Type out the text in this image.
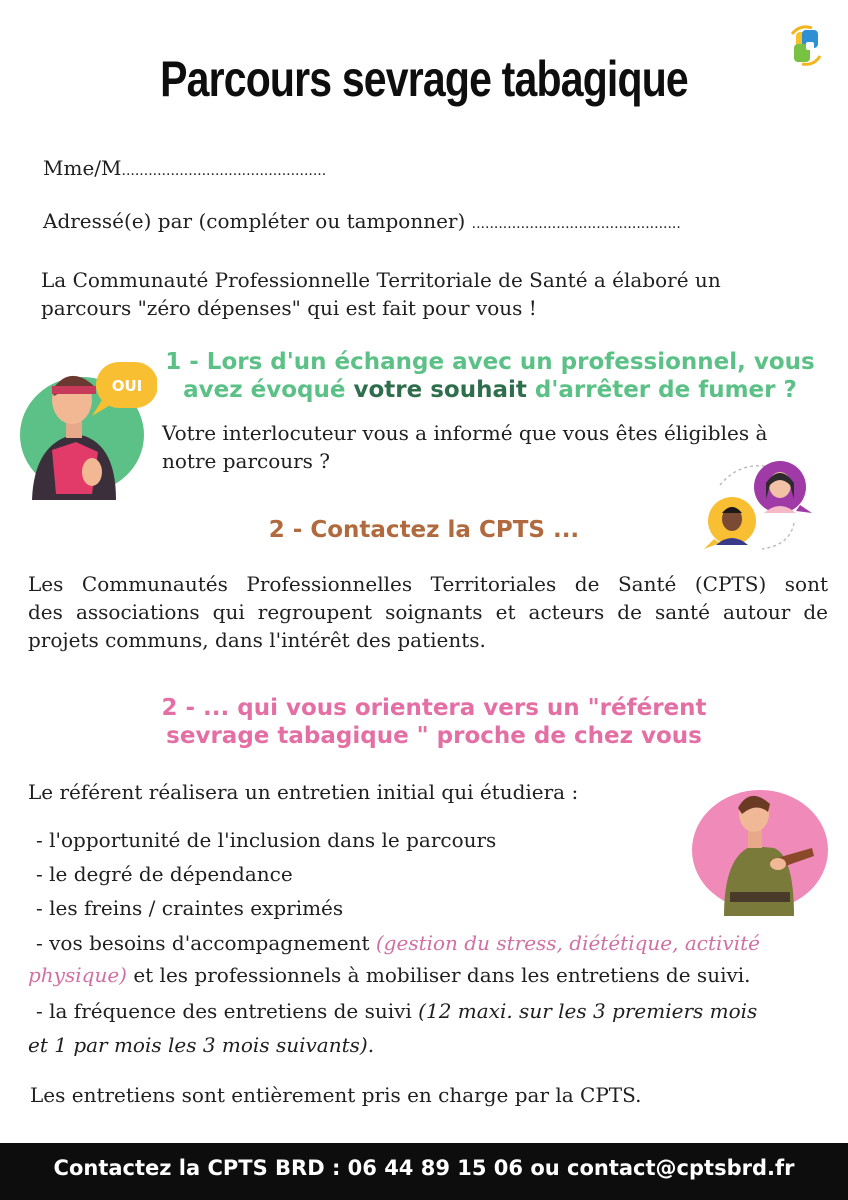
Parcours sevrage tabagique
Mme/M..............................................
Adressé(e) par (compléter ou tamponner) ...............................................
La Communauté Professionnelle Territoriale de Santé a élaboré un
parcours "zéro dépenses" qui est fait pour vous !
OUI
1 - Lors d'un échange avec un professionnel, vous
avez évoqué votre souhait d'arrêter de fumer ?
Votre interlocuteur vous a informé que vous êtes éligibles à
notre parcours ?
2 - Contactez la CPTS ...
Les Communautés Professionnelles Territoriales de Santé (CPTS) sont
des associations qui regroupent soignants et acteurs de santé autour de
projets communs, dans l'intérêt des patients.
2 - ... qui vous orientera vers un "référent
sevrage tabagique " proche de chez vous
Le référent réalisera un entretien initial qui étudiera :
- l'opportunité de l'inclusion dans le parcours
- le degré de dépendance
- les freins / craintes exprimés
- vos besoins d'accompagnement (gestion du stress, diététique, activité
physique) et les professionnels à mobiliser dans les entretiens de suivi.
- la fréquence des entretiens de suivi (12 maxi. sur les 3 premiers mois
et 1 par mois les 3 mois suivants).
Les entretiens sont entièrement pris en charge par la CPTS.
Contactez la CPTS BRD : 06 44 89 15 06 ou contact@cptsbrd.fr
